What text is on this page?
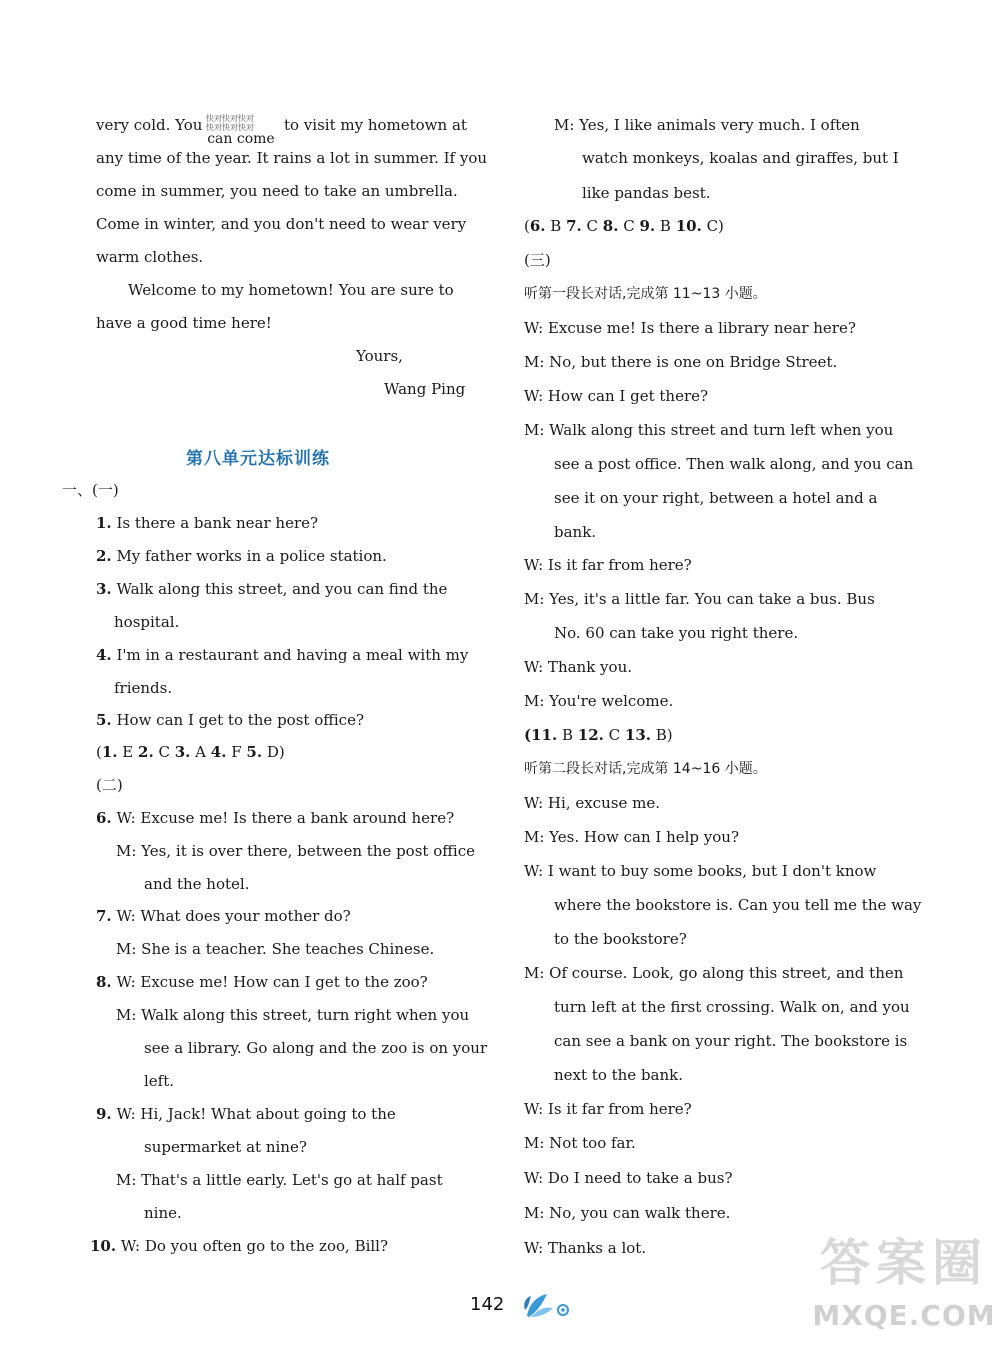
very cold. You
can come
to visit my hometown at
快对快对快对
快对快对快对
any time of the year. It rains a lot in summer. If you
come in summer, you need to take an umbrella.
Come in winter, and you don't need to wear very
warm clothes.
Welcome to my hometown! You are sure to
have a good time here!
Yours,
Wang Ping
第八单元达标训练
一、(一)
1. Is there a bank near here?
2. My father works in a police station.
3. Walk along this street, and you can find the
hospital.
4. I'm in a restaurant and having a meal with my
friends.
5. How can I get to the post office?
(1. E 2. C 3. A 4. F 5. D)
(二)
6. W: Excuse me! Is there a bank around here?
M: Yes, it is over there, between the post office
and the hotel.
7. W: What does your mother do?
M: She is a teacher. She teaches Chinese.
8. W: Excuse me! How can I get to the zoo?
M: Walk along this street, turn right when you
see a library. Go along and the zoo is on your
left.
9. W: Hi, Jack! What about going to the
supermarket at nine?
M: That's a little early. Let's go at half past
nine.
10. W: Do you often go to the zoo, Bill?
M: Yes, I like animals very much. I often
watch monkeys, koalas and giraffes, but I
like pandas best.
(6. B 7. C 8. C 9. B 10. C)
(三)
听第一段长对话,完成第 11~13 小题。
W: Excuse me! Is there a library near here?
M: No, but there is one on Bridge Street.
W: How can I get there?
M: Walk along this street and turn left when you
see a post office. Then walk along, and you can
see it on your right, between a hotel and a
bank.
W: Is it far from here?
M: Yes, it's a little far. You can take a bus. Bus
No. 60 can take you right there.
W: Thank you.
M: You're welcome.
(11. B 12. C 13. B)
听第二段长对话,完成第 14~16 小题。
W: Hi, excuse me.
M: Yes. How can I help you?
W: I want to buy some books, but I don't know
where the bookstore is. Can you tell me the way
to the bookstore?
M: Of course. Look, go along this street, and then
turn left at the first crossing. Walk on, and you
can see a bank on your right. The bookstore is
next to the bank.
W: Is it far from here?
M: Not too far.
W: Do I need to take a bus?
M: No, you can walk there.
W: Thanks a lot.
142
答案圈
MXQE.COM
